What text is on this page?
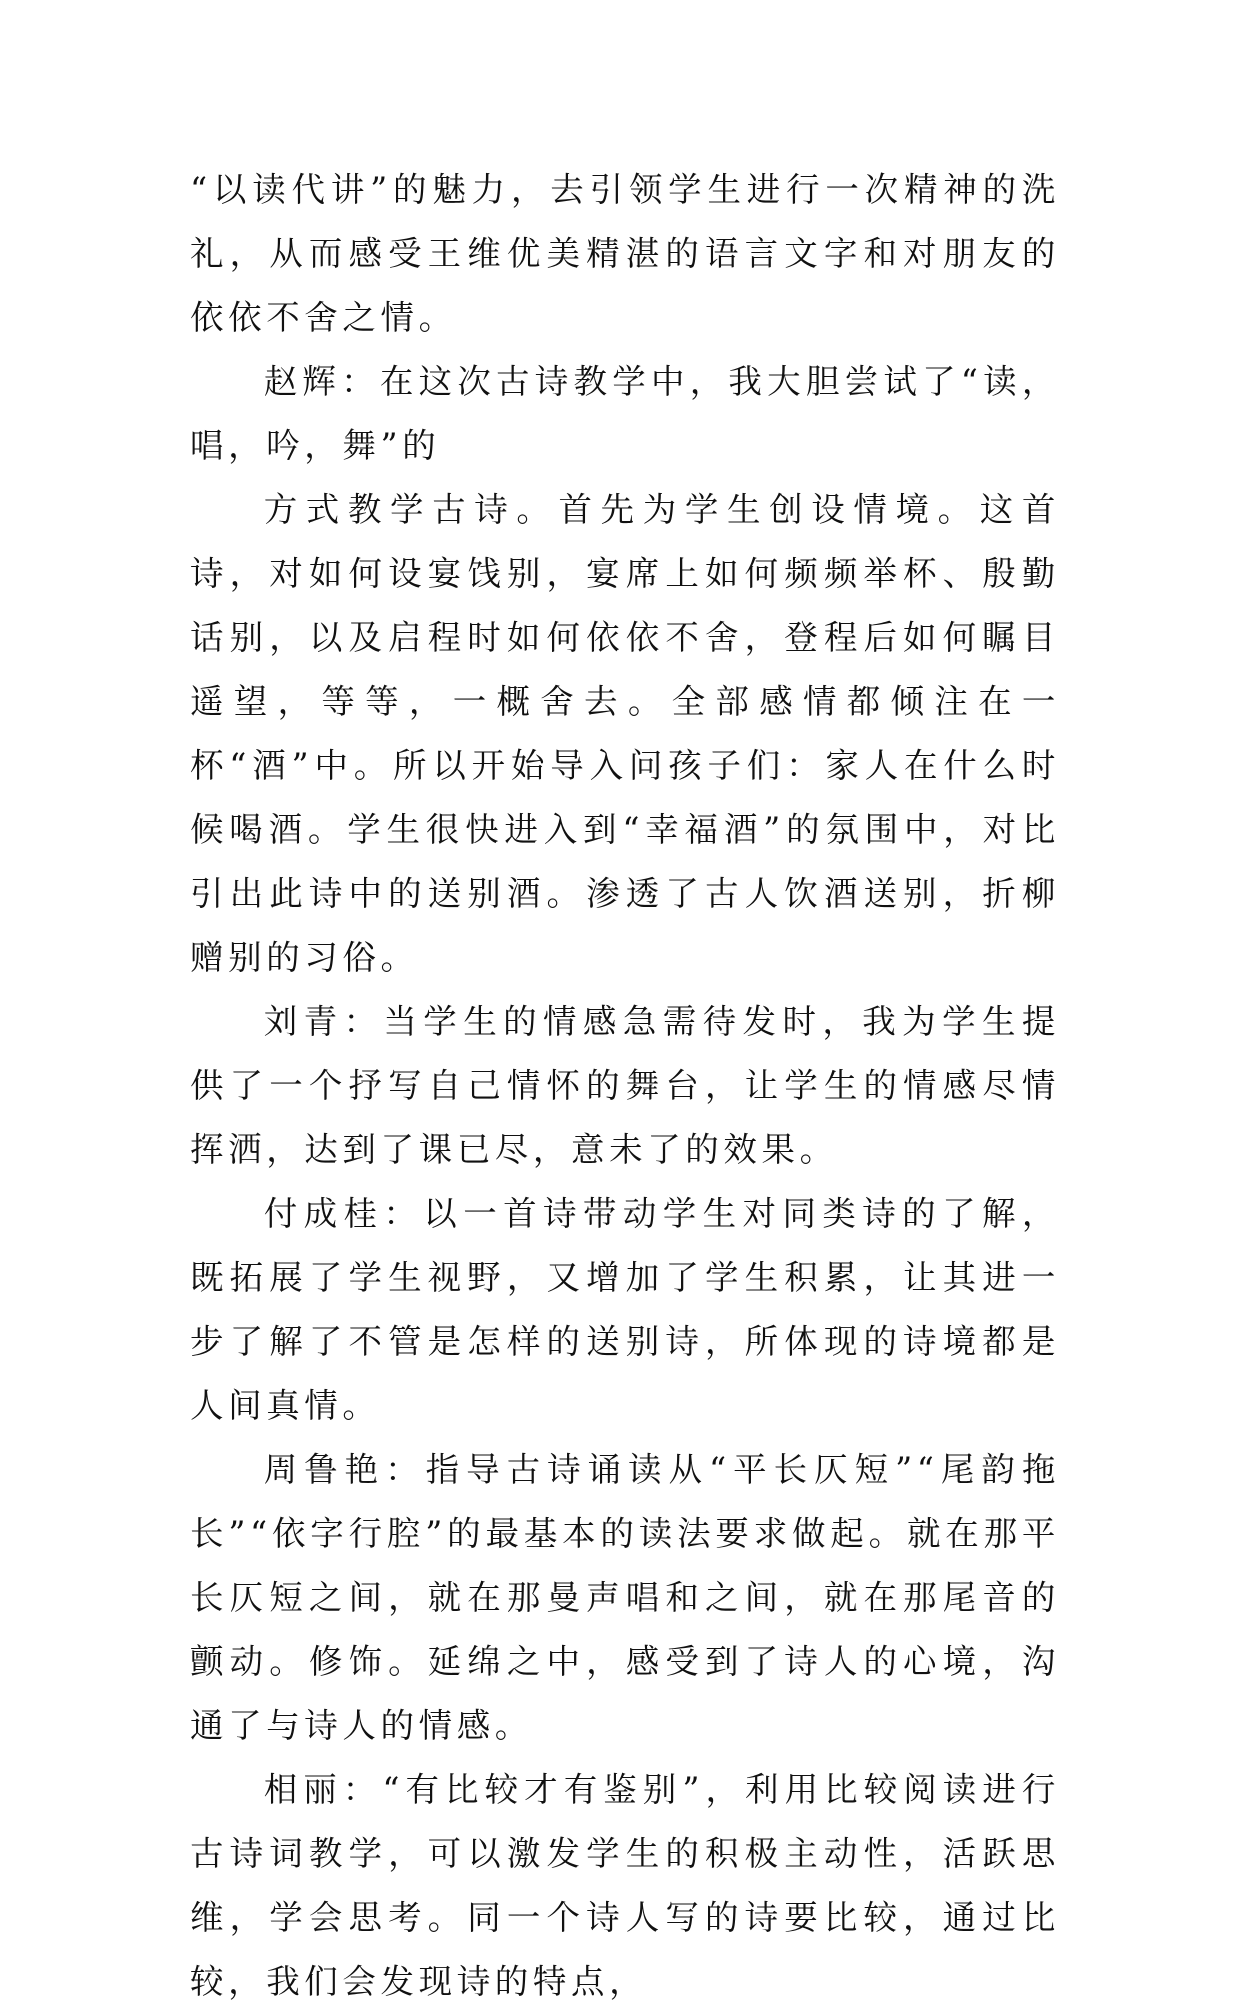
“以读代讲”的魅力，去引领学生进行一次精神的洗礼，从而感受王维优美精湛的语言文字和对朋友的依依不舍之情。

赵辉：在这次古诗教学中，我大胆尝试了“读，唱，吟，舞”的

方式教学古诗。首先为学生创设情境。这首诗，对如何设宴饯别，宴席上如何频频举杯、殷勤话别，以及启程时如何依依不舍，登程后如何瞩目遥望，等等，一概舍去。全部感情都倾注在一杯“酒”中。所以开始导入问孩子们：家人在什么时候喝酒。学生很快进入到“幸福酒”的氛围中，对比引出此诗中的送别酒。渗透了古人饮酒送别，折柳赠别的习俗。

刘青：当学生的情感急需待发时，我为学生提供了一个抒写自己情怀的舞台，让学生的情感尽情挥洒，达到了课已尽，意未了的效果。

付成桂：以一首诗带动学生对同类诗的了解，既拓展了学生视野，又增加了学生积累，让其进一步了解了不管是怎样的送别诗，所体现的诗境都是人间真情。

周鲁艳：指导古诗诵读从“平长仄短”“尾韵拖长”“依字行腔”的最基本的读法要求做起。就在那平长仄短之间，就在那曼声唱和之间，就在那尾音的颤动。修饰。延绵之中，感受到了诗人的心境，沟通了与诗人的情感。

相丽：“有比较才有鉴别”，利用比较阅读进行古诗词教学，可以激发学生的积极主动性，活跃思维，学会思考。同一个诗人写的诗要比较，通过比较，我们会发现诗的特点，
